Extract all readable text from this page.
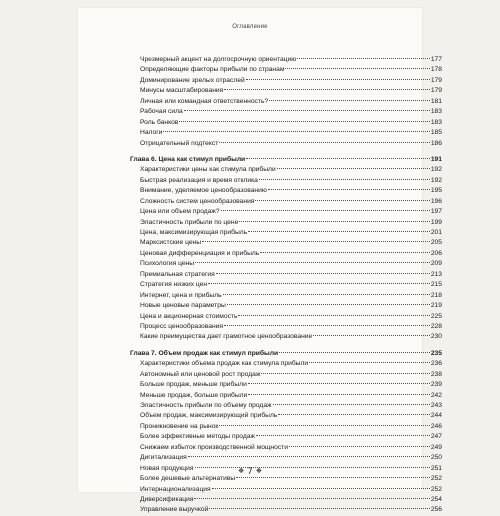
Оглавление
Чрезмерный акцент на долгосрочную ориентацию	177
Определяющие факторы прибыли по странам	178
Доминирование зрелых отраслей	179
Минусы масштабирования	179
Личная или командная ответственность?	181
Рабочая сила	183
Роль банков	183
Налоги	185
Отрицательный подтекст	186
Глава 6. Цена как стимул прибыли	191
Характеристики цены как стимула прибыли	192
Быстрая реализация и время отклика	192
Внимание, уделяемое ценообразованию	195
Сложность систем ценообразования	196
Цена или объем продаж?	197
Эластичность прибыли по цене	199
Цена, максимизирующая прибыль	201
Марксистские цены	205
Ценовая дифференциация и прибыль	206
Психология цены	209
Премиальная стратегия	213
Стратегия низких цен	215
Интернет, цена и прибыль	218
Новые ценовые параметры	219
Цена и акционерная стоимость	225
Процесс ценообразования	228
Какие преимущества дает грамотное ценообразование	230
Глава 7. Объем продаж как стимул прибыли	235
Характеристики объема продаж как стимула прибыли	236
Автономный или ценовой рост продаж	238
Больше продаж, меньше прибыли	239
Меньше продаж, больше прибыли	242
Эластичность прибыли по объему продаж	243
Объем продаж, максимизирующий прибыль	244
Проникновение на рынок	246
Более эффективные методы продаж	247
Снижаем избыток производственной мощности	249
Дигитализация	250
Новая продукция	251
Более дешевые альтернативы	252
Интернационализация	252
Диверсификация	254
Управление выручкой	256
❖ 7 ❖
